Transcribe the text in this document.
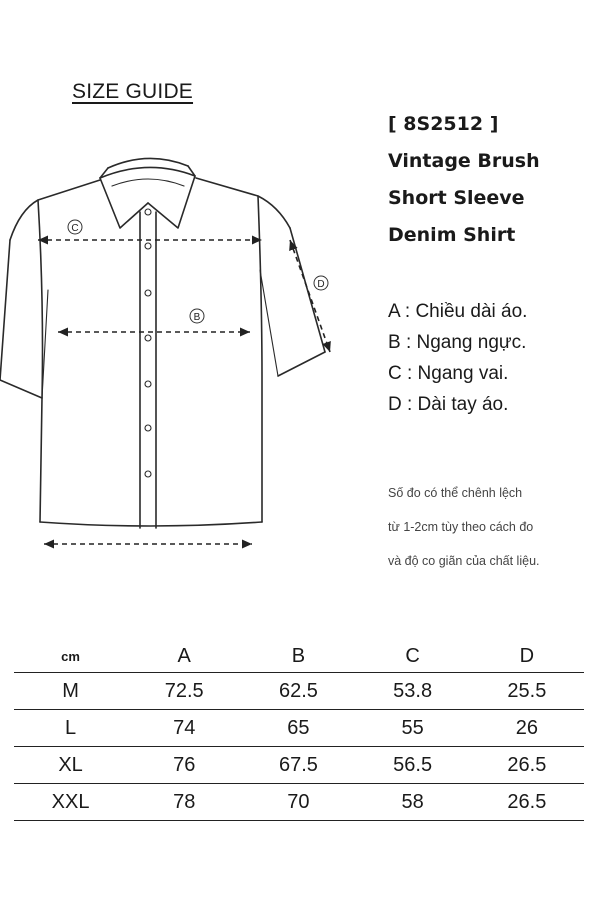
SIZE GUIDE
[ 8S2512 ]
Vintage Brush
Short Sleeve
Denim Shirt
A : Chiều dài áo.
B : Ngang ngực.
C : Ngang vai.
D : Dài tay áo.
Số đo có thể chênh lệch
từ 1-2cm tùy theo cách đo
và độ co giãn của chất liệu.
C
B
D
cm	A	B	C	D
M	72.5	62.5	53.8	25.5
L	74	65	55	26
XL	76	67.5	56.5	26.5
XXL	78	70	58	26.5
